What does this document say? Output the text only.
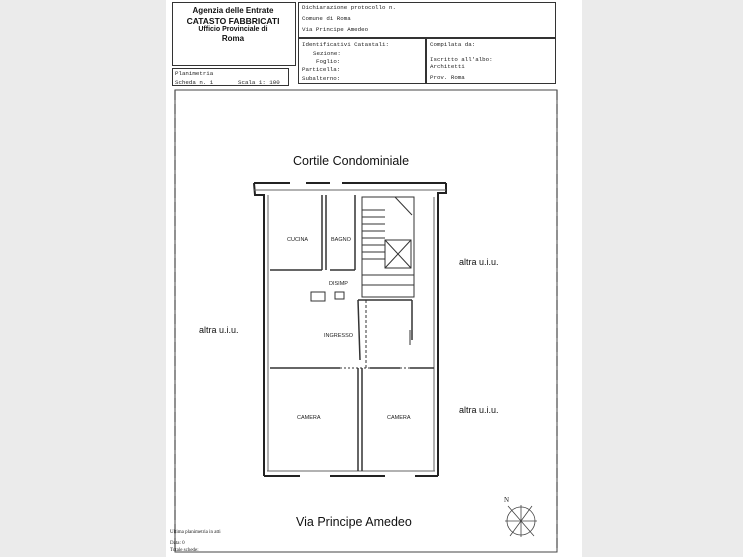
Agenzia delle Entrate
CATASTO FABBRICATI
Ufficio Provinciale di
Roma
Dichiarazione protocollo n.
Comune di Roma
Via Principe Amedeo
Identificativi Catastali:
Sezione:
Foglio:
Particella:
Subalterno:
Compilata da:
Iscritto all'albo:
Architetti
Prov. Roma
Planimetria
Scheda n. 1	Scala 1: 100
Cortile Condominiale
altra u.i.u.
altra u.i.u.
altra u.i.u.
Via Principe Amedeo
N
CUCINA	BAGNO
DISIMP
INGRESSO
CAMERA	CAMERA
Ultima planimetria in atti
Data: 0
Totale schede:
